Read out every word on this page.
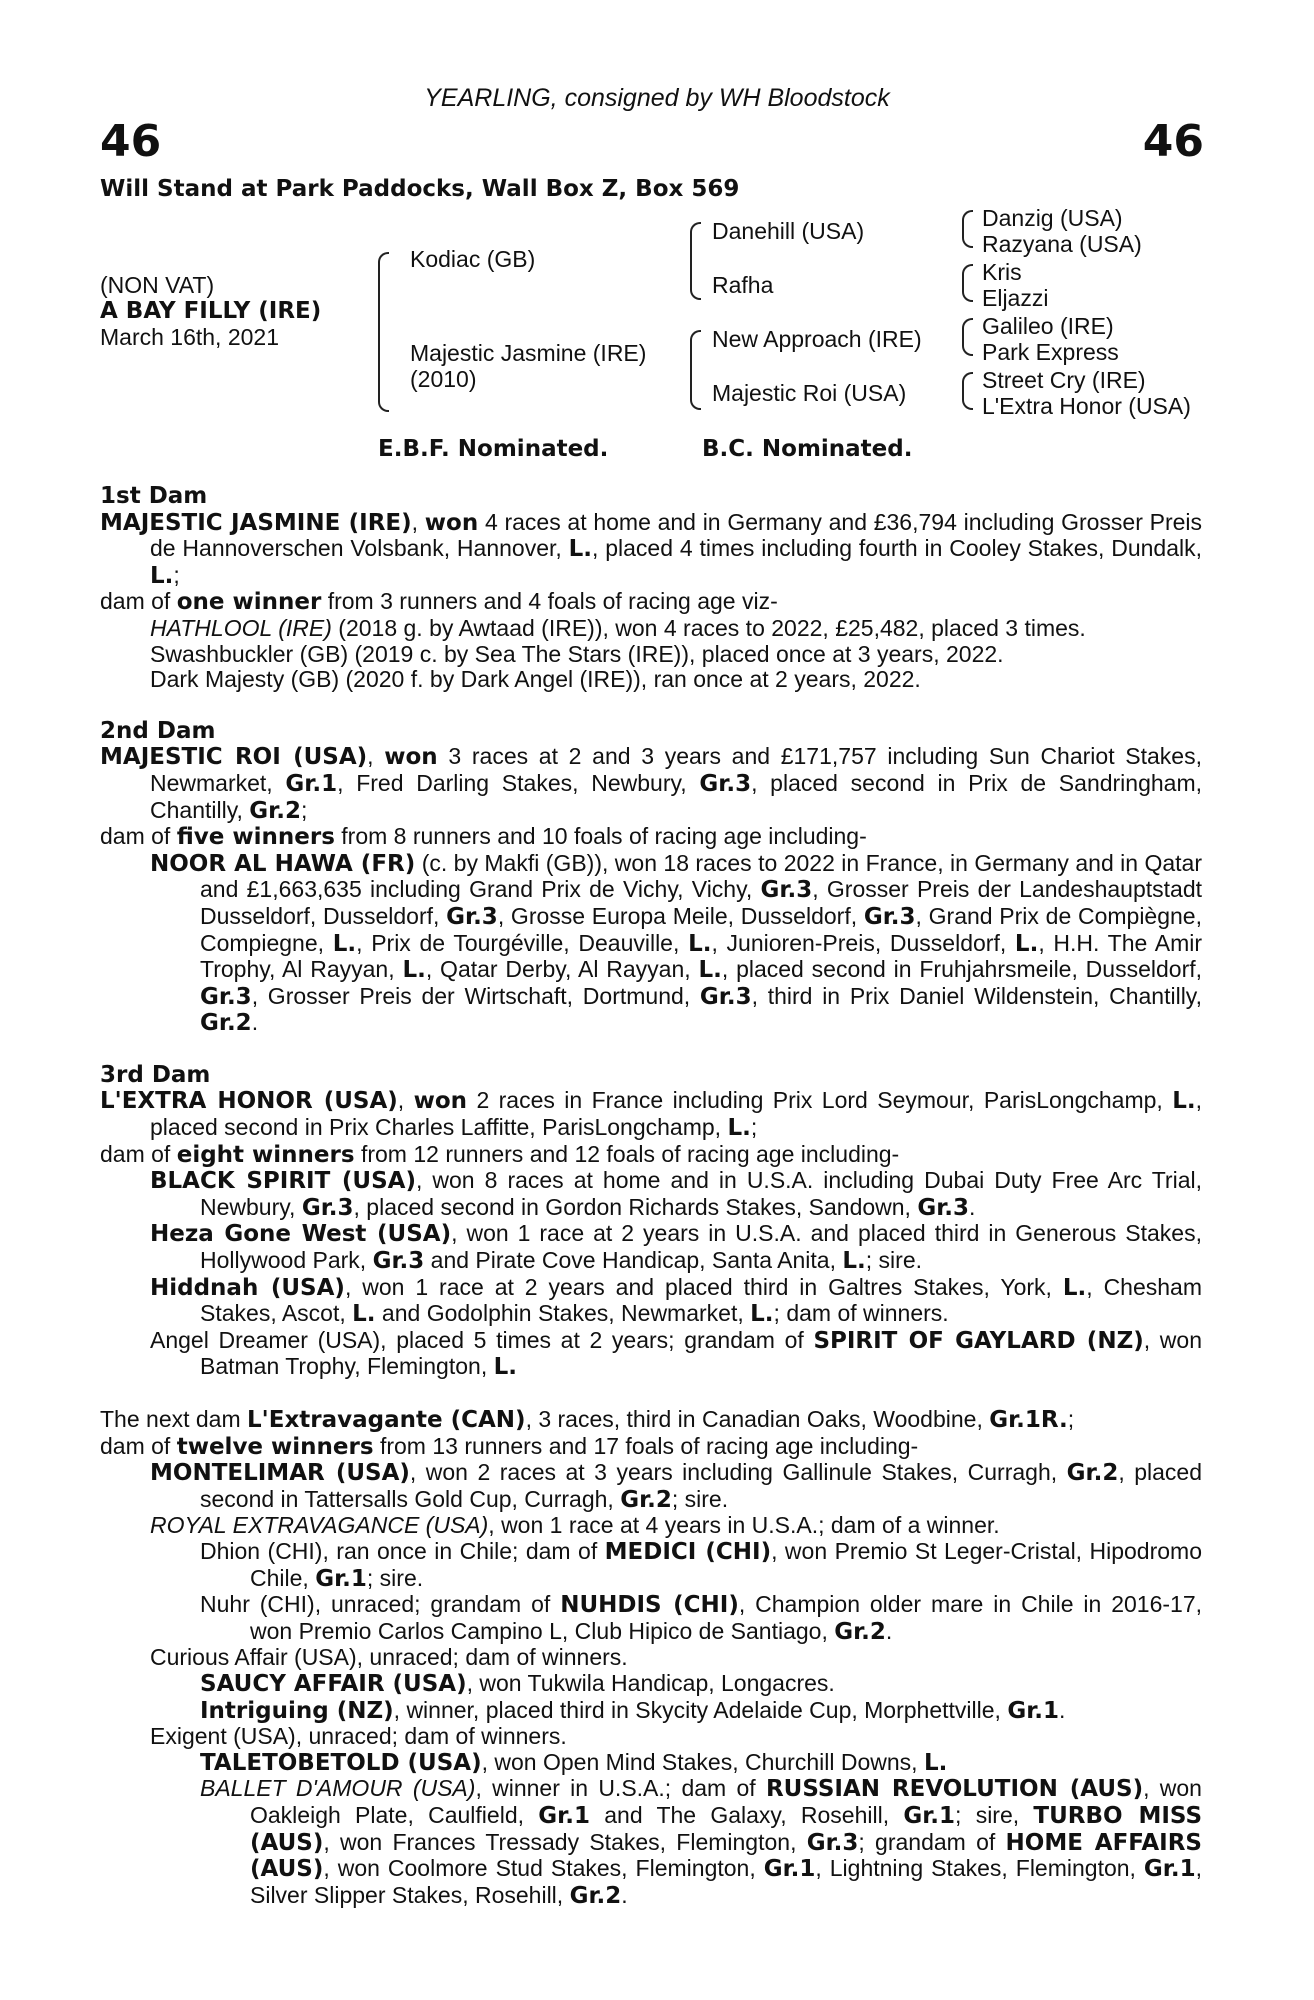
YEARLING, consigned by WH Bloodstock
46	46
Will Stand at Park Paddocks, Wall Box Z, Box 569
(NON VAT)
A BAY FILLY (IRE)
March 16th, 2021
Kodiac (GB)
Majestic Jasmine (IRE)
(2010)
Danehill (USA)
Rafha
New Approach (IRE)
Majestic Roi (USA)
Danzig (USA)
Razyana (USA)
Kris
Eljazzi
Galileo (IRE)
Park Express
Street Cry (IRE)
L'Extra Honor (USA)
E.B.F. Nominated.	B.C. Nominated.

1st Dam

MAJESTIC JASMINE (IRE), won 4 races at home and in Germany and £36,794 including Grosser Preis de Hannoverschen Volsbank, Hannover, L., placed 4 times including fourth in Cooley Stakes, Dundalk, L.;

dam of one winner from 3 runners and 4 foals of racing age viz-

HATHLOOL (IRE) (2018 g. by Awtaad (IRE)), won 4 races to 2022, £25,482, placed 3 times.

Swashbuckler (GB) (2019 c. by Sea The Stars (IRE)), placed once at 3 years, 2022.

Dark Majesty (GB) (2020 f. by Dark Angel (IRE)), ran once at 2 years, 2022.

2nd Dam

MAJESTIC ROI (USA), won 3 races at 2 and 3 years and £171,757 including Sun Chariot Stakes, Newmarket, Gr.1, Fred Darling Stakes, Newbury, Gr.3, placed second in Prix de Sandringham, Chantilly, Gr.2;

dam of five winners from 8 runners and 10 foals of racing age including-

NOOR AL HAWA (FR) (c. by Makfi (GB)), won 18 races to 2022 in France, in Germany and in Qatar and £1,663,635 including Grand Prix de Vichy, Vichy, Gr.3, Grosser Preis der Landeshauptstadt Dusseldorf, Dusseldorf, Gr.3, Grosse Europa Meile, Dusseldorf, Gr.3, Grand Prix de Compiègne, Compiegne, L., Prix de Tourgéville, Deauville, L., Junioren-Preis, Dusseldorf, L., H.H. The Amir Trophy, Al Rayyan, L., Qatar Derby, Al Rayyan, L., placed second in Fruhjahrsmeile, Dusseldorf, Gr.3, Grosser Preis der Wirtschaft, Dortmund, Gr.3, third in Prix Daniel Wildenstein, Chantilly, Gr.2.

3rd Dam

L'EXTRA HONOR (USA), won 2 races in France including Prix Lord Seymour, ParisLongchamp, L., placed second in Prix Charles Laffitte, ParisLongchamp, L.;

dam of eight winners from 12 runners and 12 foals of racing age including-

BLACK SPIRIT (USA), won 8 races at home and in U.S.A. including Dubai Duty Free Arc Trial, Newbury, Gr.3, placed second in Gordon Richards Stakes, Sandown, Gr.3.

Heza Gone West (USA), won 1 race at 2 years in U.S.A. and placed third in Generous Stakes, Hollywood Park, Gr.3 and Pirate Cove Handicap, Santa Anita, L.; sire.

Hiddnah (USA), won 1 race at 2 years and placed third in Galtres Stakes, York, L., Chesham Stakes, Ascot, L. and Godolphin Stakes, Newmarket, L.; dam of winners.

Angel Dreamer (USA), placed 5 times at 2 years; grandam of SPIRIT OF GAYLARD (NZ), won Batman Trophy, Flemington, L.

The next dam L'Extravagante (CAN), 3 races, third in Canadian Oaks, Woodbine, Gr.1R.;

dam of twelve winners from 13 runners and 17 foals of racing age including-

MONTELIMAR (USA), won 2 races at 3 years including Gallinule Stakes, Curragh, Gr.2, placed second in Tattersalls Gold Cup, Curragh, Gr.2; sire.

ROYAL EXTRAVAGANCE (USA), won 1 race at 4 years in U.S.A.; dam of a winner.

Dhion (CHI), ran once in Chile; dam of MEDICI (CHI), won Premio St Leger-Cristal, Hipodromo Chile, Gr.1; sire.

Nuhr (CHI), unraced; grandam of NUHDIS (CHI), Champion older mare in Chile in 2016-17, won Premio Carlos Campino L, Club Hipico de Santiago, Gr.2.

Curious Affair (USA), unraced; dam of winners.

SAUCY AFFAIR (USA), won Tukwila Handicap, Longacres.

Intriguing (NZ), winner, placed third in Skycity Adelaide Cup, Morphettville, Gr.1.

Exigent (USA), unraced; dam of winners.

TALETOBETOLD (USA), won Open Mind Stakes, Churchill Downs, L.

BALLET D'AMOUR (USA), winner in U.S.A.; dam of RUSSIAN REVOLUTION (AUS), won Oakleigh Plate, Caulfield, Gr.1 and The Galaxy, Rosehill, Gr.1; sire, TURBO MISS (AUS), won Frances Tressady Stakes, Flemington, Gr.3; grandam of HOME AFFAIRS (AUS), won Coolmore Stud Stakes, Flemington, Gr.1, Lightning Stakes, Flemington, Gr.1, Silver Slipper Stakes, Rosehill, Gr.2.
